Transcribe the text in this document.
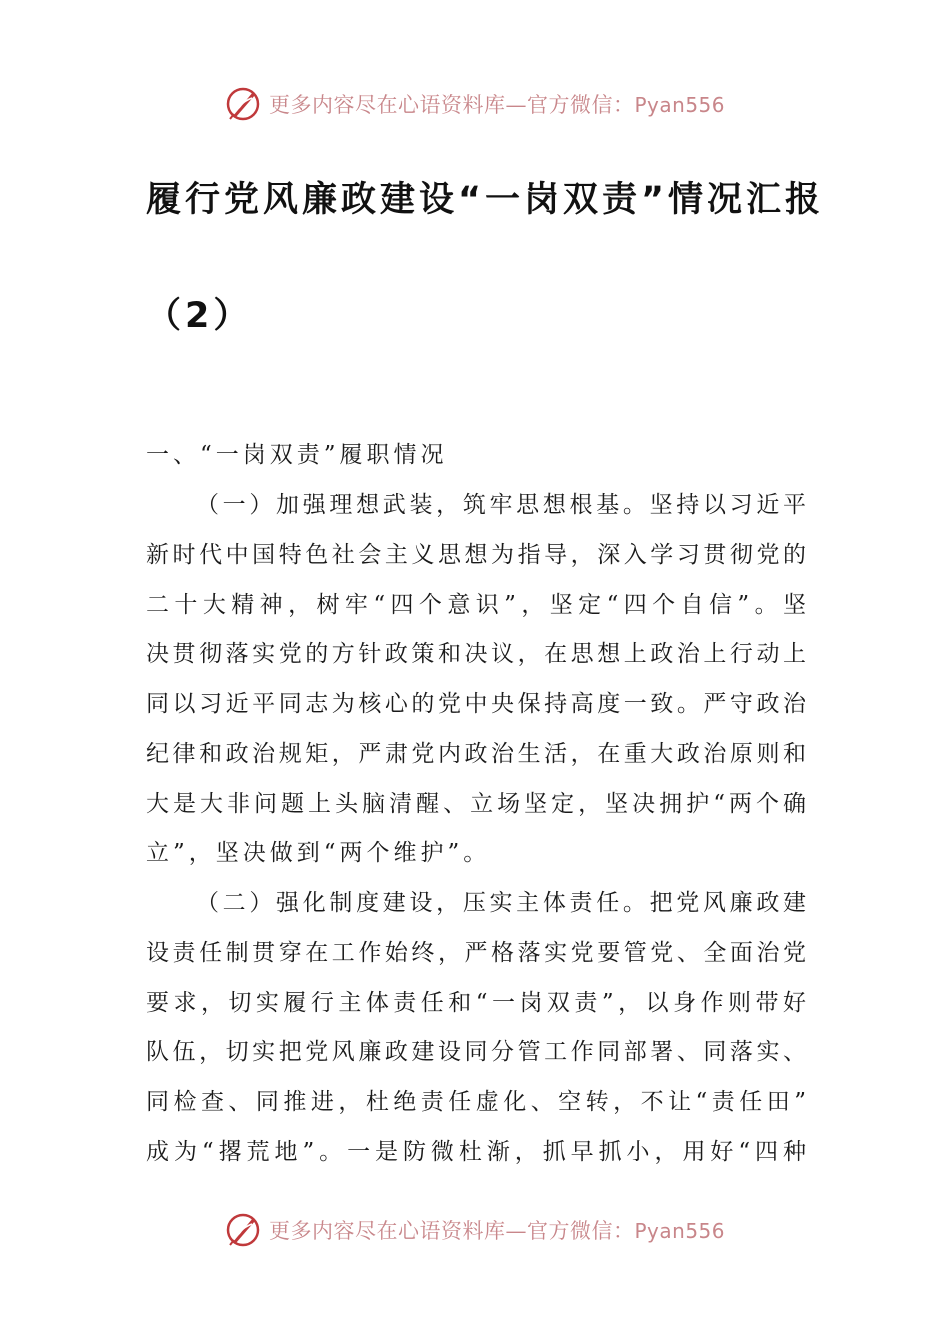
更多内容尽在心语资料库—官方微信：Pyan556
履行党风廉政建设“一岗双责”情况汇报
（2）

一、“一岗双责”履职情况

（一）加强理想武装，筑牢思想根基。坚持以习近平

新时代中国特色社会主义思想为指导，深入学习贯彻党的

二十大精神，树牢“四个意识”，坚定“四个自信”。坚

决贯彻落实党的方针政策和决议，在思想上政治上行动上

同以习近平同志为核心的党中央保持高度一致。严守政治

纪律和政治规矩，严肃党内政治生活，在重大政治原则和

大是大非问题上头脑清醒、立场坚定，坚决拥护“两个确

立”，坚决做到“两个维护”。

（二）强化制度建设，压实主体责任。把党风廉政建

设责任制贯穿在工作始终，严格落实党要管党、全面治党

要求，切实履行主体责任和“一岗双责”，以身作则带好

队伍，切实把党风廉政建设同分管工作同部署、同落实、

同检查、同推进，杜绝责任虚化、空转，不让“责任田”

成为“撂荒地”。一是防微杜渐，抓早抓小，用好“四种

更多内容尽在心语资料库—官方微信：Pyan556
